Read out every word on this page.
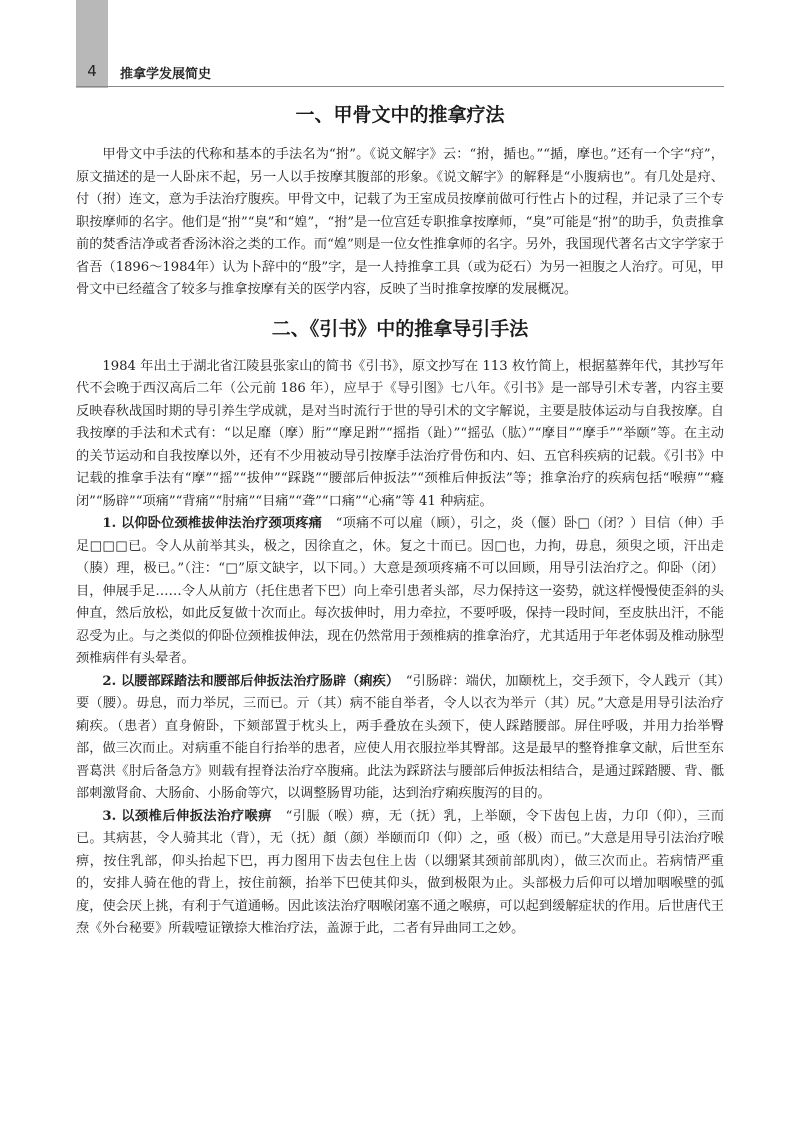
4	推拿学发展简史
一、甲骨文中的推拿疗法

甲骨文中手法的代称和基本的手法名为“拊”。《说文解字》云：“拊，揗也。”“揗，摩也。”还有一个字“疛”，原文描述的是一人卧床不起，另一人以手按摩其腹部的形象。《说文解字》的解释是“小腹病也”。有几处是疛、付（拊）连文，意为手法治疗腹疾。甲骨文中，记载了为王室成员按摩前做可行性占卜的过程，并记录了三个专职按摩师的名字。他们是“拊”“臭”和“媓”，“拊”是一位宫廷专职推拿按摩师，“臭”可能是“拊”的助手，负责推拿前的焚香洁净或者香汤沐浴之类的工作。而“媓”则是一位女性推拿师的名字。另外，我国现代著名古文字学家于省吾（1896～1984年）认为卜辞中的“殷”字，是一人持推拿工具（或为砭石）为另一袒腹之人治疗。可见，甲骨文中已经蕴含了较多与推拿按摩有关的医学内容，反映了当时推拿按摩的发展概况。

二、《引书》中的推拿导引手法

1984 年出土于湖北省江陵县张家山的简书《引书》，原文抄写在 113 枚竹简上，根据墓葬年代，其抄写年代不会晚于西汉高后二年（公元前 186 年），应早于《导引图》七八年。《引书》是一部导引术专著，内容主要反映春秋战国时期的导引养生学成就，是对当时流行于世的导引术的文字解说，主要是肢体运动与自我按摩。自我按摩的手法和术式有：“以足靡（摩）胻”“摩足跗”“摇指（趾）”“摇弘（肱）”“摩目”“摩手”“举颐”等。在主动的关节运动和自我按摩以外，还有不少用被动导引按摩手法治疗骨伤和内、妇、五官科疾病的记载。《引书》中记载的推拿手法有“摩”“摇”“拔伸”“踩跷”“腰部后伸扳法”“颈椎后伸扳法”等；推拿治疗的疾病包括“喉痹”“癃闭”“肠辟”“项痛”“背痛”“肘痛”“目痛”“聋”“口痛”“心痛”等 41 种病症。

1. 以仰卧位颈椎拔伸法治疗颈项疼痛　 “项痛不可以雇（顾），引之，炎（偃）卧□（闭？）目信（伸）手足□□□已。令人从前举其头，极之，因徐直之，休。复之十而已。因□也，力拘，毋息，须臾之顷，汗出走（腠）理，极已。”（注：“□”原文缺字，以下同。）大意是颈项疼痛不可以回顾，用导引法治疗之。仰卧（闭）目，伸展手足……令人从前方（托住患者下巴）向上牵引患者头部，尽力保持这一姿势，就这样慢慢使歪斜的头伸直，然后放松，如此反复做十次而止。每次拔伸时，用力牵拉，不要呼吸，保持一段时间，至皮肤出汗，不能忍受为止。与之类似的仰卧位颈椎拔伸法，现在仍然常用于颈椎病的推拿治疗，尤其适用于年老体弱及椎动脉型颈椎病伴有头晕者。

2. 以腰部踩踏法和腰部后伸扳法治疗肠辟（痢疾）　 “引肠辟：端伏，加颐枕上，交手颈下，令人践亓（其）要（腰）。毋息，而力举尻，三而已。亓（其）病不能自举者，令人以衣为举亓（其）尻。”大意是用导引法治疗痢疾。（患者）直身俯卧，下颏部置于枕头上，两手叠放在头颈下，使人踩踏腰部。屏住呼吸，并用力抬举臀部，做三次而止。对病重不能自行抬举的患者，应使人用衣服拉举其臀部。这是最早的整脊推拿文献，后世至东晋葛洪《肘后备急方》则载有捏脊法治疗卒腹痛。此法为踩跻法与腰部后伸扳法相结合，是通过踩踏腰、背、骶部刺激肾俞、大肠俞、小肠俞等穴，以调整肠胃功能，达到治疗痢疾腹泻的目的。

3. 以颈椎后伸扳法治疗喉痹　 “引脤（喉）痹，无（抚）乳，上举颐，令下齿包上齿，力卬（仰），三而已。其病甚，令人骑其北（背），无（抚）顏（颜）举颐而卬（仰）之，亟（极）而已。”大意是用导引法治疗喉痹，按住乳部，仰头抬起下巴，再力图用下齿去包住上齿（以绷紧其颈前部肌肉），做三次而止。若病情严重的，安排人骑在他的背上，按住前额，抬举下巴使其仰头，做到极限为止。头部极力后仰可以增加咽喉壁的弧度，使会厌上挑，有利于气道通畅。因此该法治疗咽喉闭塞不通之喉痹，可以起到缓解症状的作用。后世唐代王焘《外台秘要》所载噎证镦捺大椎治疗法，盖源于此，二者有异曲同工之妙。
